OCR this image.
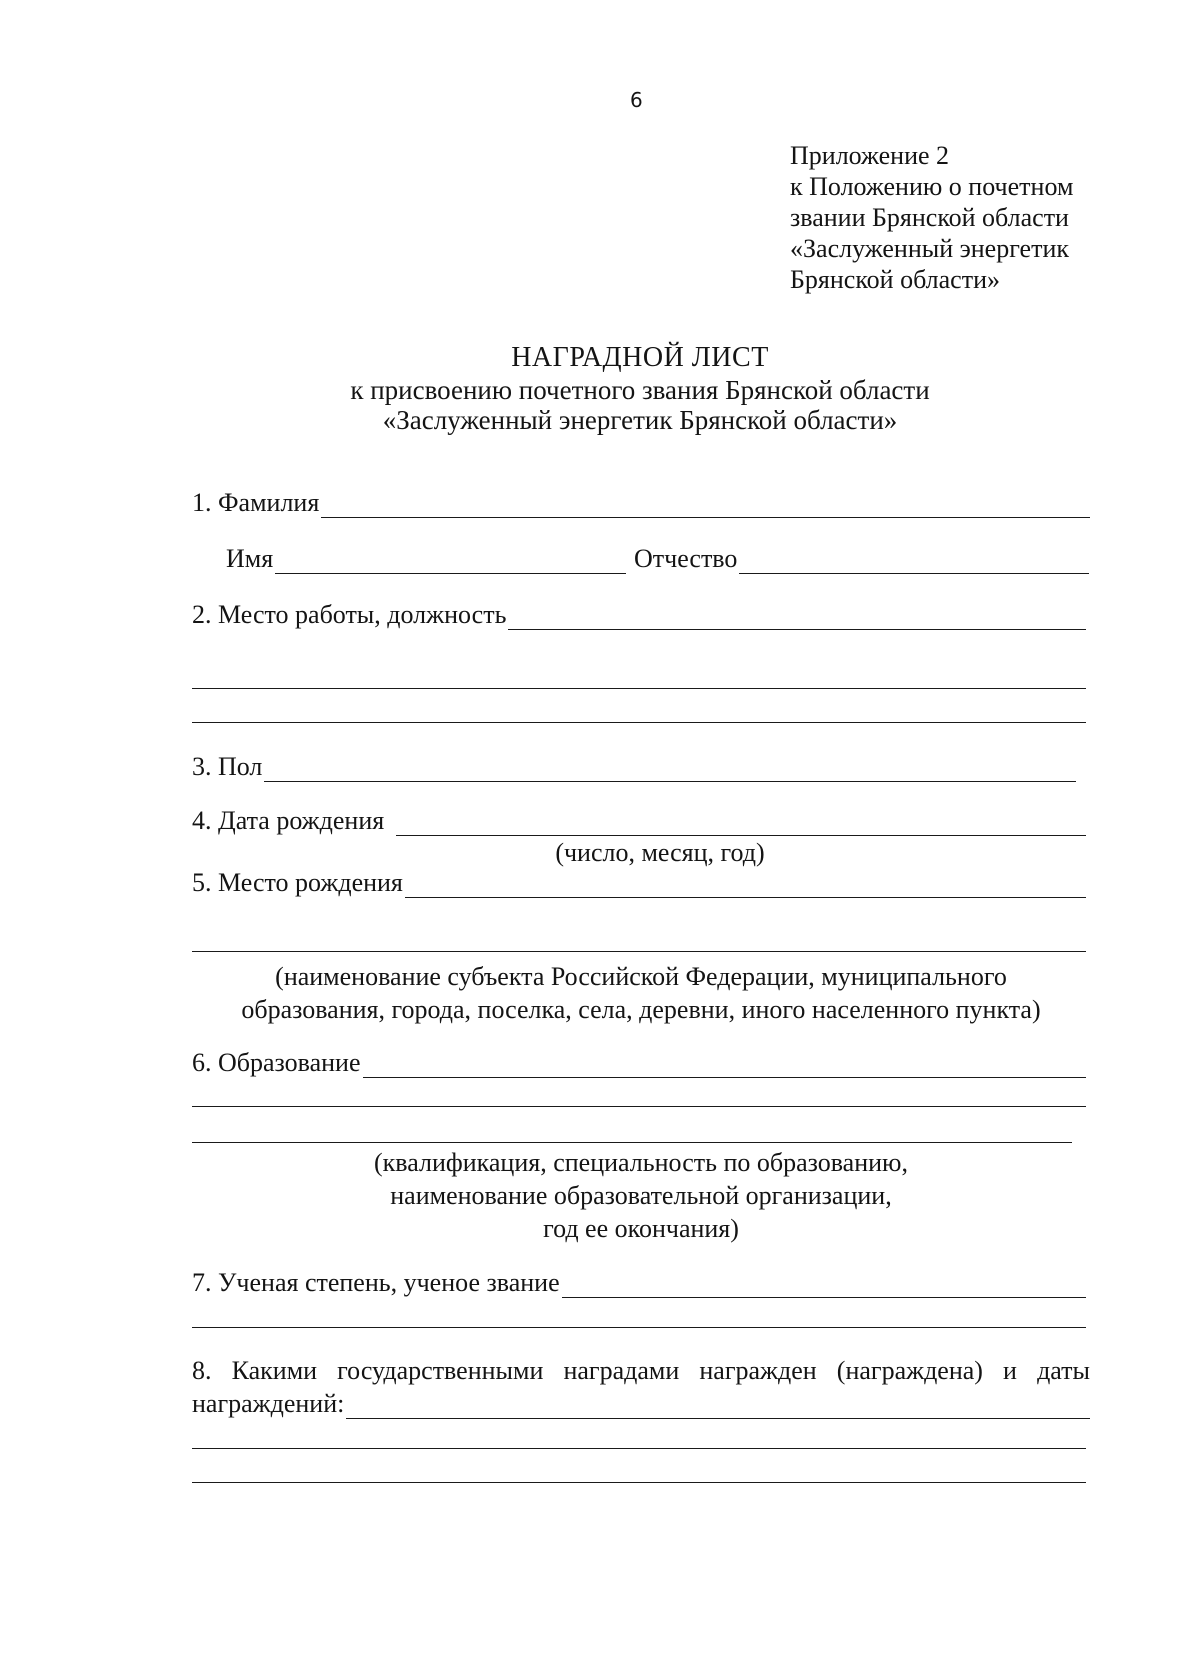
6
Приложение 2
к Положению о почетном
звании Брянской области
«Заслуженный энергетик
Брянской области»
НАГРАДНОЙ ЛИСТ
к присвоению почетного звания Брянской области
«Заслуженный энергетик Брянской области»
1. Фамилия
Имя	Отчество
2. Место работы, должность
3. Пол
4. Дата рождения
(число, месяц, год)
5. Место рождения
(наименование субъекта Российской Федерации, муниципального
образования, города, поселка, села, деревни, иного населенного пункта)
6. Образование
(квалификация, специальность по образованию,
наименование образовательной организации,
год ее окончания)
7. Ученая степень, ученое звание
8. Какими государственными наградами награжден (награждена) и даты
награждений:
